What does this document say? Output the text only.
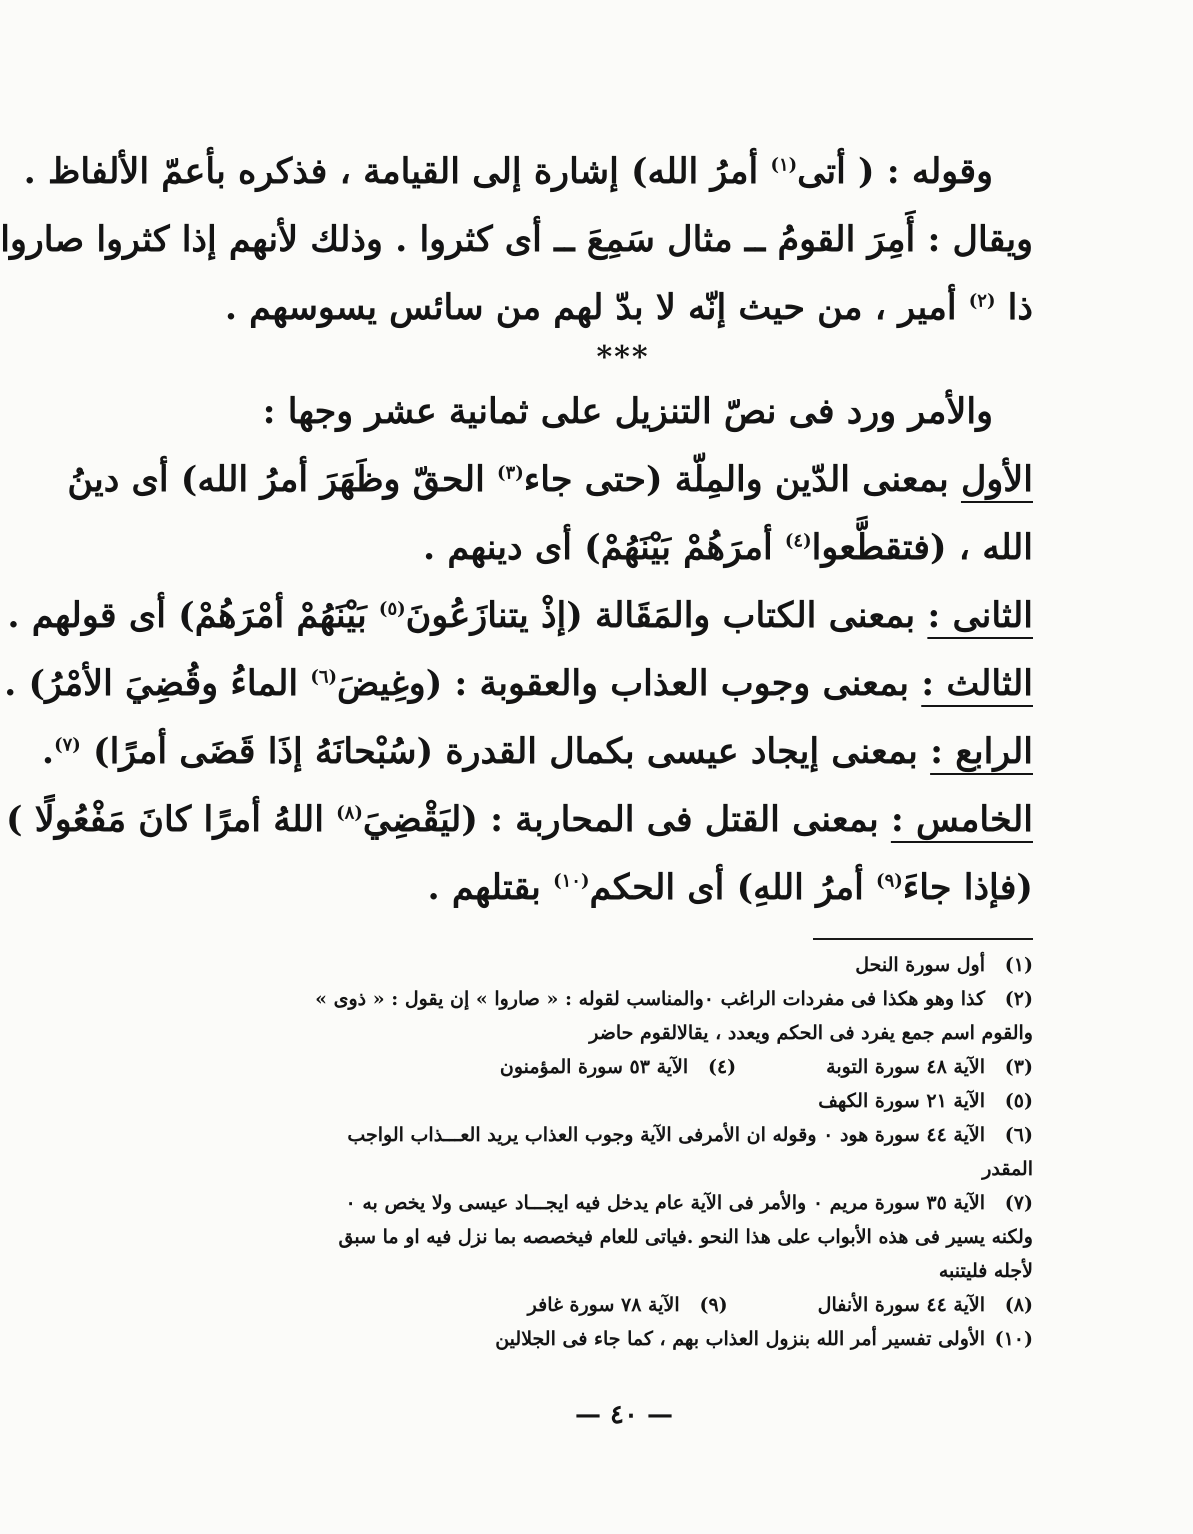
وقوله : ( أتى$^{(١)}$ أمرُ الله) إشارة إلى القيامة ، فذكره بأعمّ الألفاظ .

ويقال : أَمِرَ القومُ ــ مثال سَمِعَ ــ أى كثروا . وذلك لأنهم إذا كثروا صاروا

ذا $^{(٢)}$ أمير ، من حيث إنّه لا بدّ لهم من سائس يسوسهم .

***

والأمر ورد فى نصّ التنزيل على ثمانية عشر وجها :

الأول بمعنى الدّين والمِلّة (حتى جاء$^{(٣)}$ الحقّ وظَهَرَ أمرُ الله) أى دينُ

الله ، (فتقطَّعوا$^{(٤)}$ أمرَهُمْ بَيْنَهُمْ) أى دينهم .

الثانى : بمعنى الكتاب والمَقَالة (إذْ يتنازَعُونَ$^{(٥)}$ بَيْنَهُمْ أمْرَهُمْ) أى قولهم .

الثالث : بمعنى وجوب العذاب والعقوبة : (وغِيضَ$^{(٦)}$ الماءُ وقُضِيَ الأمْرُ) .

الرابع : بمعنى إيجاد عيسى بكمال القدرة (سُبْحانَهُ إذَا قَضَى أمرًا) $^{(٧)}$.

الخامس : بمعنى القتل فى المحاربة : (ليَقْضِيَ$^{(٨)}$ اللهُ أمرًا كانَ مَفْعُولًا )

(فإذا جاءَ$^{(٩)}$ أمرُ اللهِ) أى الحكم$^{(١٠)}$ بقتلهم .

(١)أول سورة النحل
(٢)كذا وهو هكذا فى مفردات الراغب ٠والمناسب لقوله : « صاروا » إن يقول : « ذوى »
والقوم اسم جمع يفرد فى الحكم ويعدد ، يقالالقوم حاضر
(٣)الآية ٤٨ سورة التوبة
(٤)الآية ٥٣ سورة المؤمنون
(٥)الآية ٢١ سورة الكهف
(٦)الآية ٤٤ سورة هود ٠ وقوله ان الأمرفى الآية وجوب العذاب يريد العـــذاب الواجب
المقدر
(٧)الآية ٣٥ سورة مريم ٠ والأمر فى الآية عام يدخل فيه ايجـــاد عيسى ولا يخص به ٠
ولكنه يسير فى هذه الأبواب على هذا النحو .فياتى للعام فيخصصه بما نزل فيه او ما سبق
لأجله فليتنبه
(٨)الآية ٤٤ سورة الأنفال
(٩)الآية ٧٨ سورة غافر
(١٠)الأولى تفسير أمر الله بنزول العذاب بهم ، كما جاء فى الجلالين
— ٤٠ —
